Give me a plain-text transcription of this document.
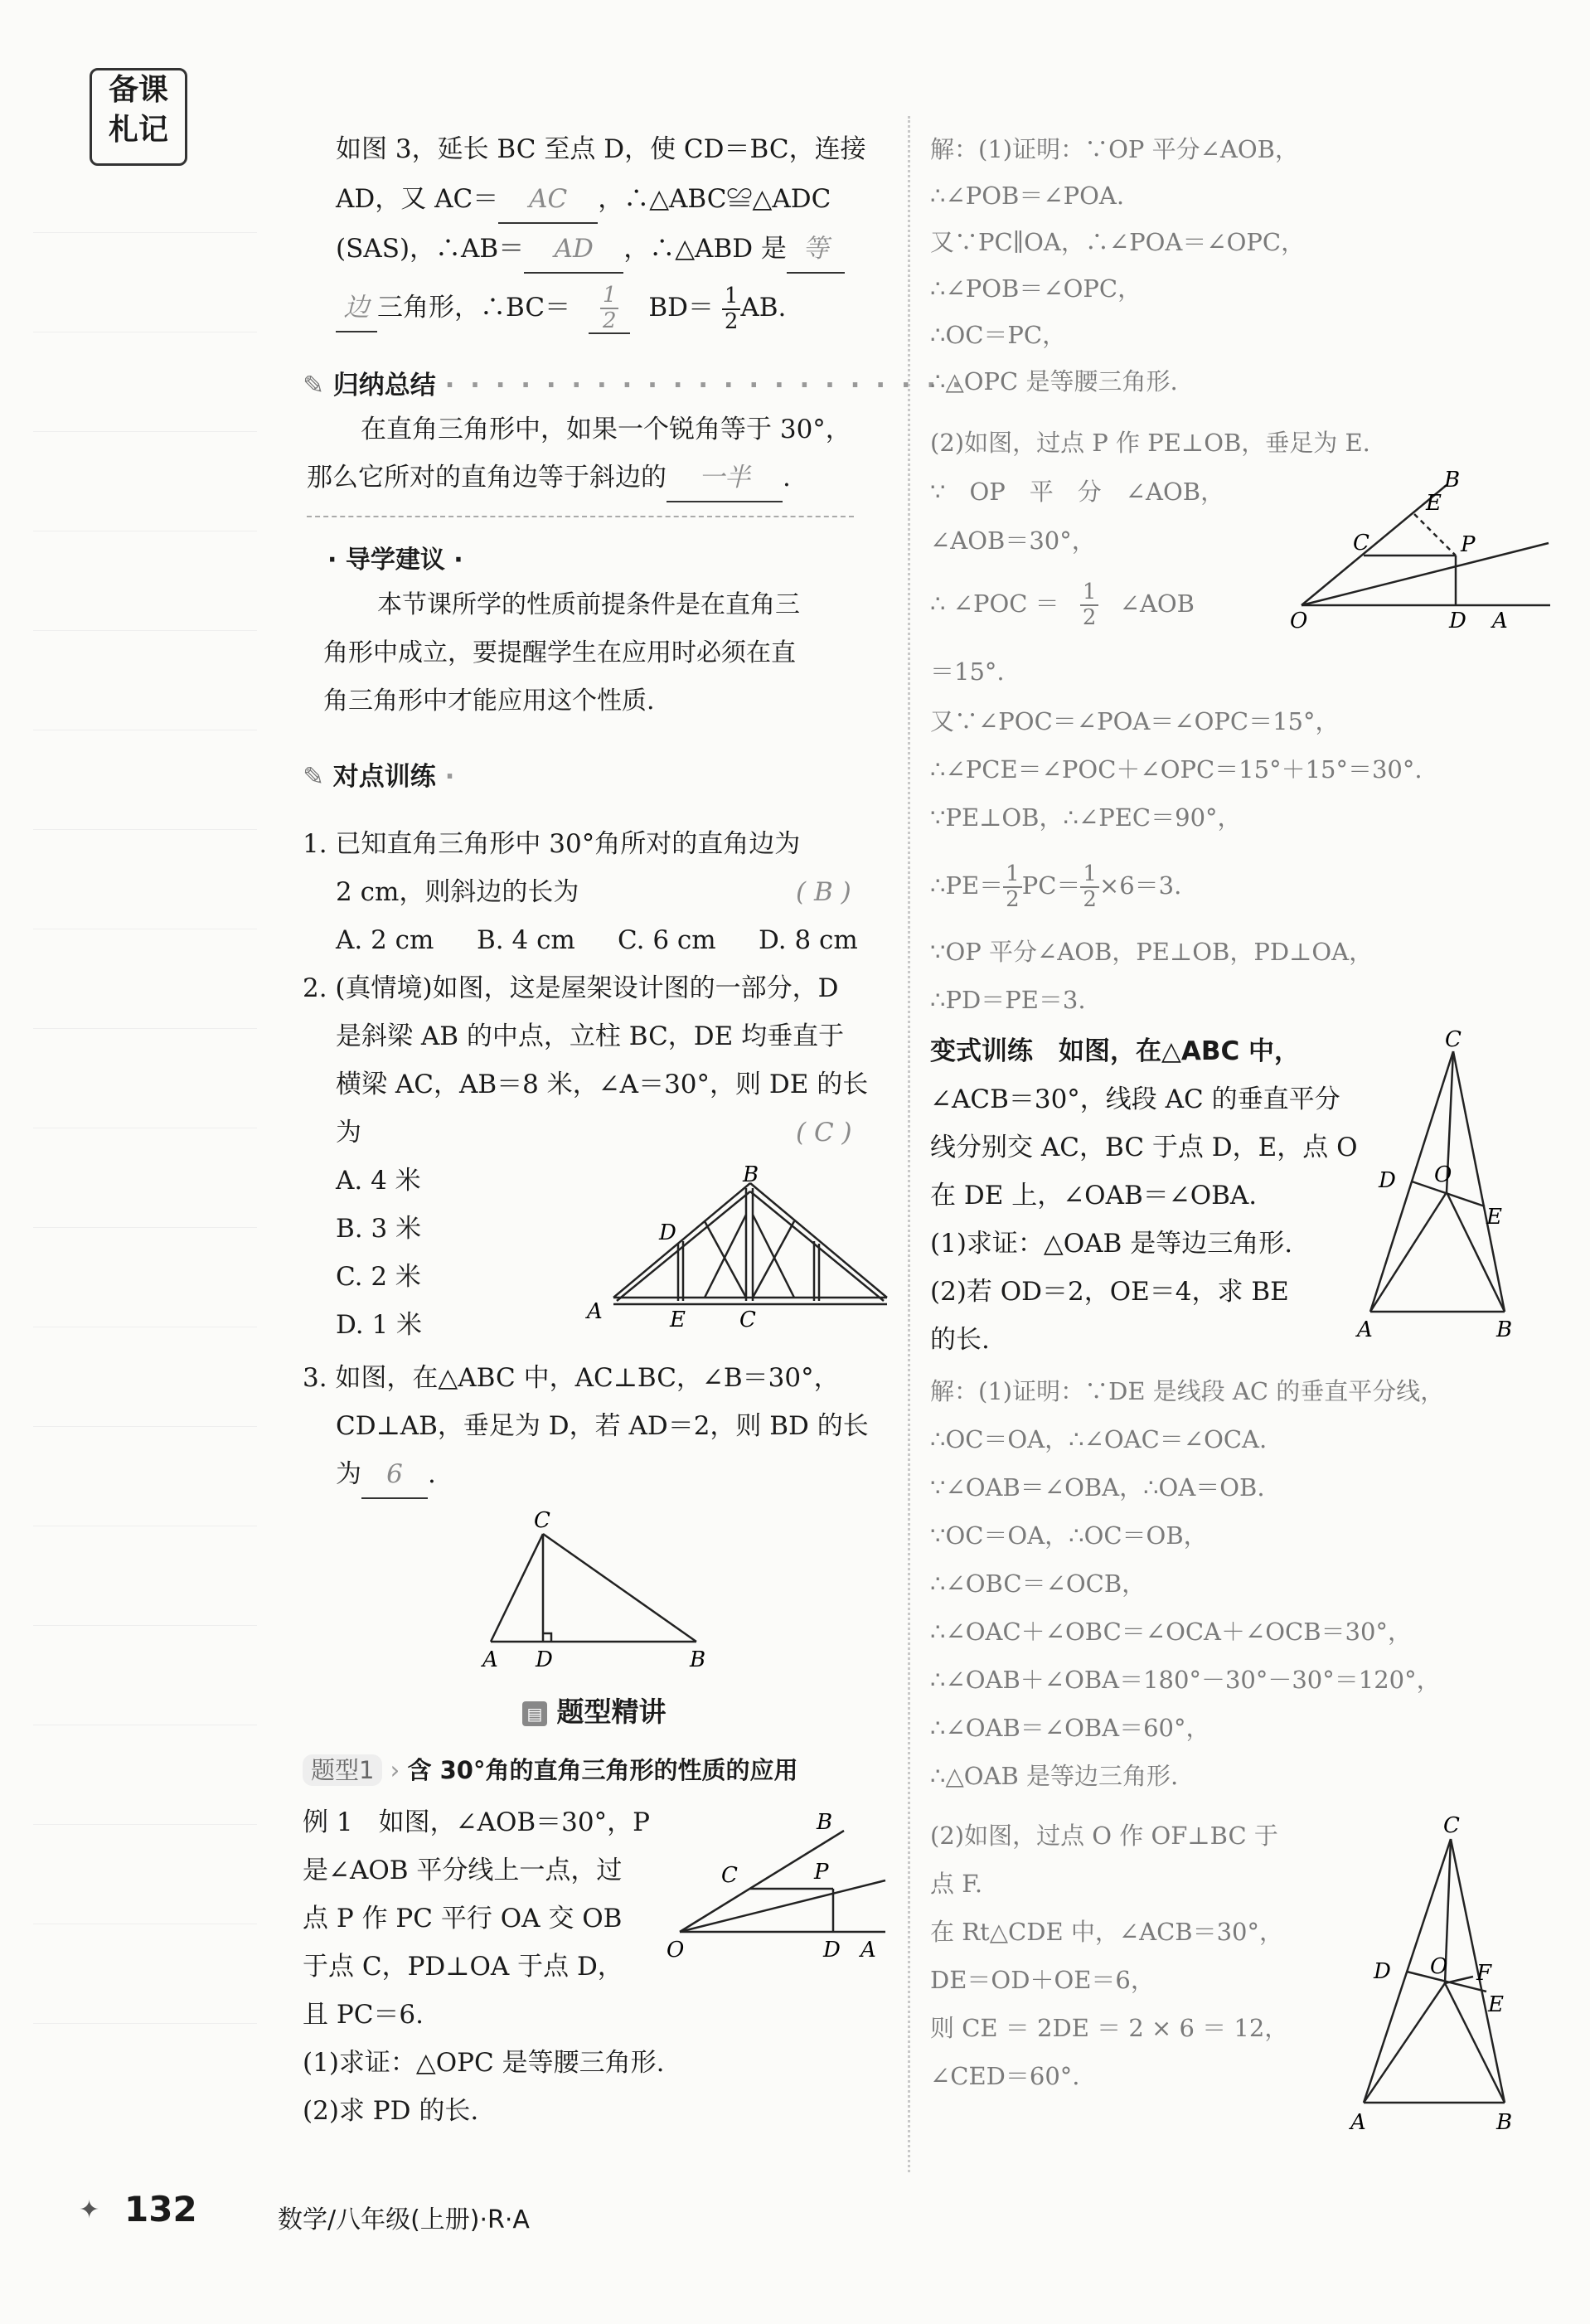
备课
札记
如图 3，延长 BC 至点 D，使 CD＝BC，连接
AD，又 AC＝ AC ，∴△ABC≌△ADC
(SAS)，∴AB＝ AD ，∴△ABD 是 等
边 三角形，∴BC＝ $\frac{1}{2} BD= \frac{1}{2}$ AB.
✎ 归纳总结 · · · · · · · · · · · · · · · · · · · · ·
在直角三角形中，如果一个锐角等于 30°，
那么它所对的直角边等于斜边的 一半 .
· 导学建议 ·
本节课所学的性质前提条件是在直角三
角形中成立，要提醒学生在应用时必须在直
角三角形中才能应用这个性质.
✎ 对点训练 ·
1. 已知直角三角形中 30°角所对的直角边为
2 cm，则斜边的长为	( B )
A. 2 cm B. 4 cm C. 6 cm D. 8 cm
2. (真情境)如图，这是屋架设计图的一部分，D
是斜梁 AB 的中点，立柱 BC，DE 均垂直于
横梁 AC，AB＝8 米，∠A＝30°，则 DE 的长
为	( C )
A. 4 米
B. 3 米
C. 2 米
D. 1 米	A
B
C
D
E
3. 如图，在△ABC 中，AC⊥BC，∠B＝30°，
CD⊥AB，垂足为 D，若 AD＝2，则 BD 的长
为 6 .
A	B
C
D
▤ 题型精讲
题型1 › 含 30°角的直角三角形的性质的应用
例 1　如图，∠AOB＝30°，P
是∠AOB 平分线上一点，过
点 P 作 PC 平行 OA 交 OB
于点 C，PD⊥OA 于点 D，
且 PC＝6.
(1)求证：△OPC 是等腰三角形.
(2)求 PD 的长.
O	A
B
C
D
P
解：(1)证明：∵OP 平分∠AOB，
∴∠POB＝∠POA.
又∵PC∥OA，∴∠POA＝∠OPC，
∴∠POB＝∠OPC，
∴OC＝PC，
∴△OPC 是等腰三角形.
(2)如图，过点 P 作 PE⊥OB，垂足为 E.
∵　OP　平　分　∠AOB，
∠AOB＝30°，
∴ ∠POC ＝ $\frac{1}{2}$ ∠AOB
＝15°.
又∵∠POC＝∠POA＝∠OPC＝15°，
∴∠PCE＝∠POC＋∠OPC＝15°＋15°＝30°.
∵PE⊥OB，∴∠PEC＝90°，
∴PE＝ $\frac{1}{2} PC= \frac{1}{2} \times 6=3$.
∵OP 平分∠AOB，PE⊥OB，PD⊥OA，
∴PD＝PE＝3.
O	A
B
C
D
E
P
变式训练　如图，在△ABC 中，
∠ACB＝30°，线段 AC 的垂直平分
线分别交 AC，BC 于点 D，E，点 O
在 DE 上，∠OAB＝∠OBA.
(1)求证：△OAB 是等边三角形.
(2)若 OD＝2，OE＝4，求 BE
的长.	A	B
C
D
E
O
解：(1)证明：∵DE 是线段 AC 的垂直平分线，
∴OC＝OA，∴∠OAC＝∠OCA.
∵∠OAB＝∠OBA，∴OA＝OB.
∵OC＝OA，∴OC＝OB，
∴∠OBC＝∠OCB，
∴∠OAC＋∠OBC＝∠OCA＋∠OCB＝30°，
∴∠OAB＋∠OBA＝180°－30°－30°＝120°，
∴∠OAB＝∠OBA＝60°，
∴△OAB 是等边三角形.
(2)如图，过点 O 作 OF⊥BC 于
点 F.
在 Rt△CDE 中，∠ACB＝30°，
DE＝OD＋OE＝6，
则 CE ＝ 2DE ＝ 2 × 6 ＝ 12，
∠CED＝60°.
A	B
C
D
E
O F
✦ 132	数学/八年级(上册)·R·A
